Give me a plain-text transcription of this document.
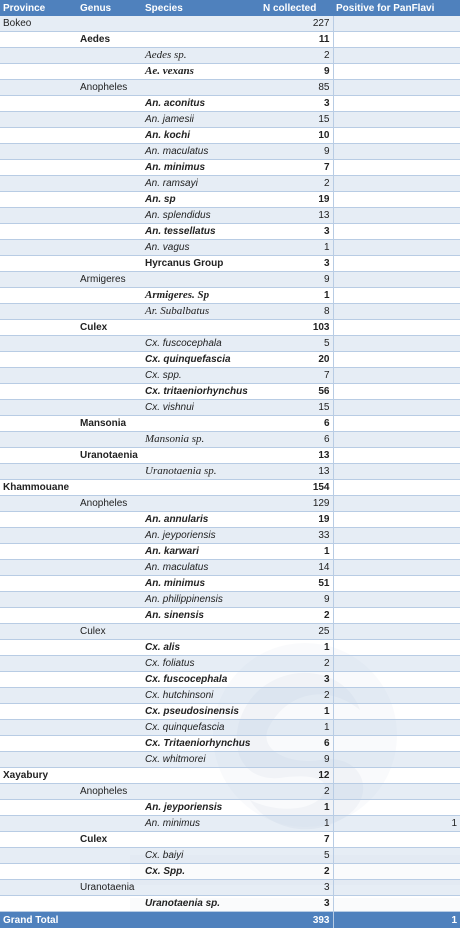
Province	Genus	Species	N collected	Positive for PanFlavi
Bokeo			227	
	Aedes		11	
		Aedes sp.	2	
		Ae. vexans	9	
	Anopheles		85	
		An. aconitus	3	
		An. jamesii	15	
		An. kochi	10	
		An. maculatus	9	
		An. minimus	7	
		An. ramsayi	2	
		An. sp	19	
		An. splendidus	13	
		An. tessellatus	3	
		An. vagus	1	
		Hyrcanus Group	3	
	Armigeres		9	
		Armigeres. Sp	1	
		Ar. Subalbatus	8	
	Culex		103	
		Cx. fuscocephala	5	
		Cx. quinquefascia	20	
		Cx. spp.	7	
		Cx. tritaeniorhynchus	56	
		Cx. vishnui	15	
	Mansonia		6	
		Mansonia sp.	6	
	Uranotaenia		13	
		Uranotaenia sp.	13	
Khammouane			154	
	Anopheles		129	
		An. annularis	19	
		An. jeyporiensis	33	
		An. karwari	1	
		An. maculatus	14	
		An. minimus	51	
		An. philippinensis	9	
		An. sinensis	2	
	Culex		25	
		Cx. alis	1	
		Cx. foliatus	2	
		Cx. fuscocephala	3	
		Cx. hutchinsoni	2	
		Cx. pseudosinensis	1	
		Cx. quinquefascia	1	
		Cx. Tritaeniorhynchus	6	
		Cx. whitmorei	9	
Xayabury			12	
	Anopheles		2	
		An. jeyporiensis	1	
		An. minimus	1	1
	Culex		7	
		Cx. baiyi	5	
		Cx. Spp.	2	
	Uranotaenia		3	
		Uranotaenia sp.	3	
Grand Total			393	1
